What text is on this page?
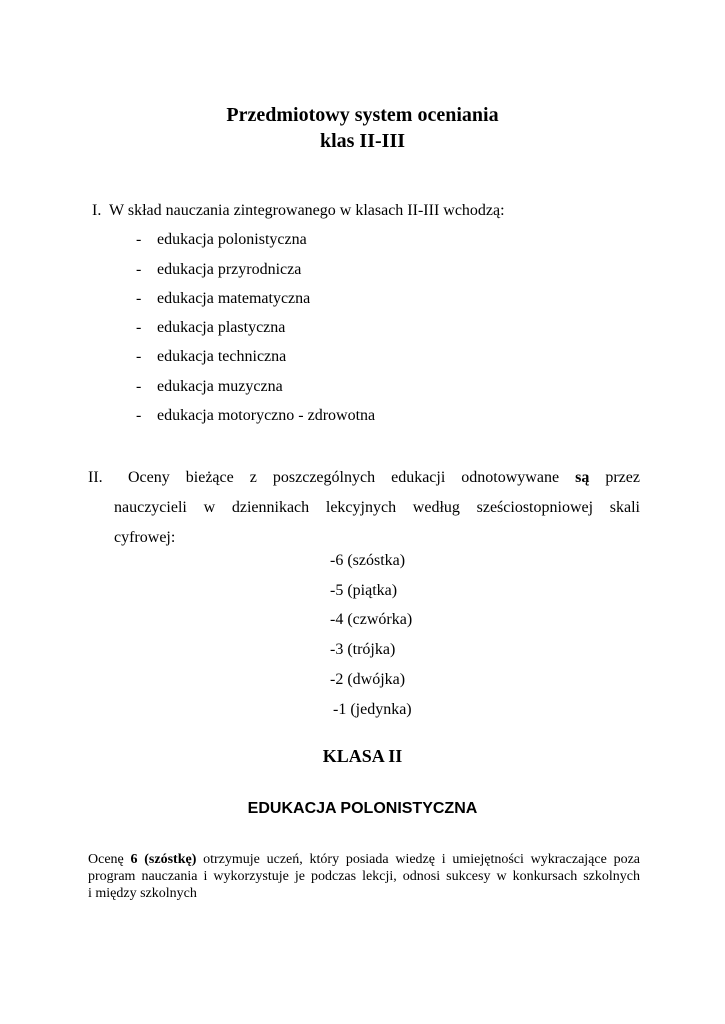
Przedmiotowy system oceniania
klas II-III
I. W skład nauczania zintegrowanego w klasach II-III wchodzą:
- edukacja polonistyczna
- edukacja przyrodnicza
- edukacja matematyczna
- edukacja plastyczna
- edukacja techniczna
- edukacja muzyczna
- edukacja motoryczno - zdrowotna
II.	Oceny bieżące z poszczególnych edukacji odnotowywane są przez
nauczycieli w dziennikach lekcyjnych według sześciostopniowej skali
cyfrowej:
-6 (szóstka)
-5 (piątka)
-4 (czwórka)
-3 (trójka)
-2 (dwójka)
-1 (jedynka)
KLASA II
EDUKACJA POLONISTYCZNA
Ocenę 6 (szóstkę) otrzymuje uczeń, który posiada wiedzę i umiejętności wykraczające poza
program nauczania i wykorzystuje je podczas lekcji, odnosi sukcesy w konkursach szkolnych
i między szkolnych
